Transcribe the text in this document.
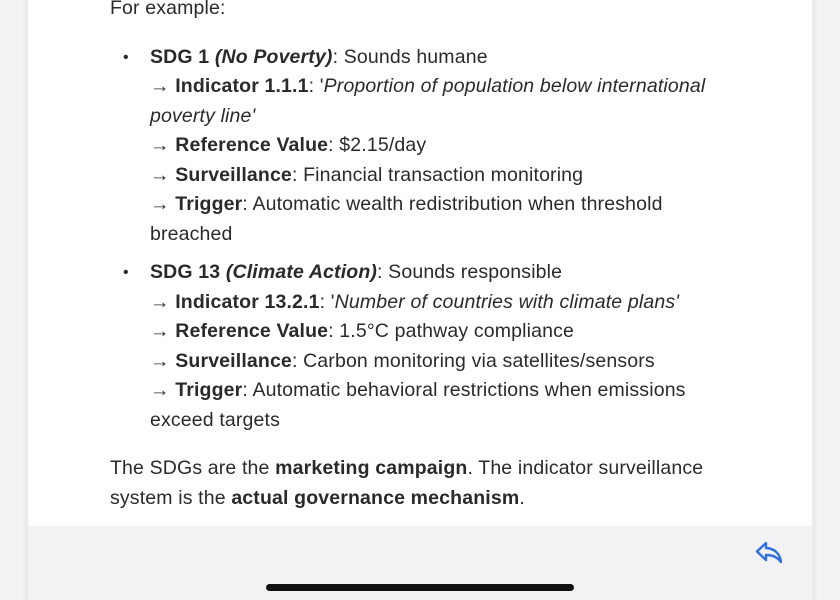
For example:

• SDG 1 (No Poverty): Sounds humane
→ Indicator 1.1.1: 'Proportion of population below international poverty line'
→ Reference Value: $2.15/day
→ Surveillance: Financial transaction monitoring
→ Trigger: Automatic wealth redistribution when threshold breached
• SDG 13 (Climate Action): Sounds responsible
→ Indicator 13.2.1: 'Number of countries with climate plans'
→ Reference Value: 1.5°C pathway compliance
→ Surveillance: Carbon monitoring via satellites/sensors
→ Trigger: Automatic behavioral restrictions when emissions exceed targets

The SDGs are the marketing campaign. The indicator surveillance system is the actual governance mechanism.
